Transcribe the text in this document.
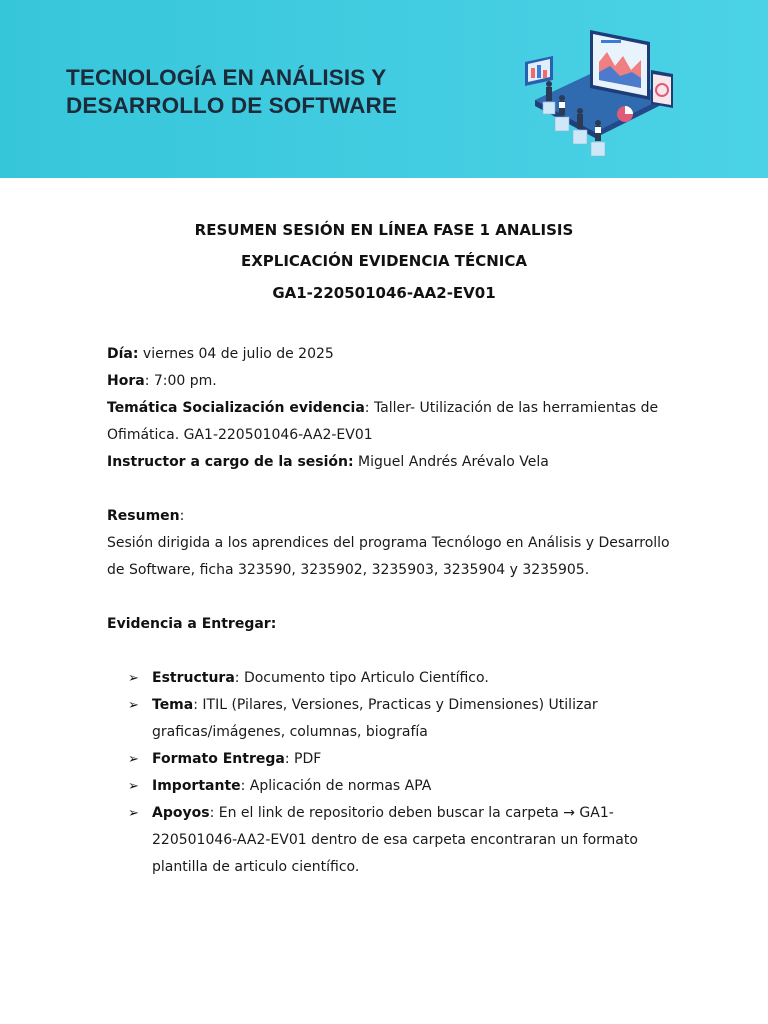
TECNOLOGÍA EN ANÁLISIS Y
DESARROLLO DE SOFTWARE
RESUMEN SESIÓN EN LÍNEA FASE 1 ANALISIS
EXPLICACIÓN EVIDENCIA TÉCNICA
GA1-220501046-AA2-EV01
Día: viernes 04 de julio de 2025
Hora: 7:00 pm.
Temática Socialización evidencia: Taller- Utilización de las herramientas de
Ofimática. GA1-220501046-AA2-EV01
Instructor a cargo de la sesión: Miguel Andrés Arévalo Vela
Resumen:
Sesión dirigida a los aprendices del programa Tecnólogo en Análisis y Desarrollo
de Software, ficha 323590, 3235902, 3235903, 3235904 y 3235905.
Evidencia a Entregar:
➢ Estructura: Documento tipo Articulo Científico.
➢ Tema: ITIL (Pilares, Versiones, Practicas y Dimensiones) Utilizar
graficas/imágenes, columnas, biografía
➢ Formato Entrega: PDF
➢ Importante: Aplicación de normas APA
➢ Apoyos: En el link de repositorio deben buscar la carpeta → GA1-
220501046-AA2-EV01 dentro de esa carpeta encontraran un formato
plantilla de articulo científico.
